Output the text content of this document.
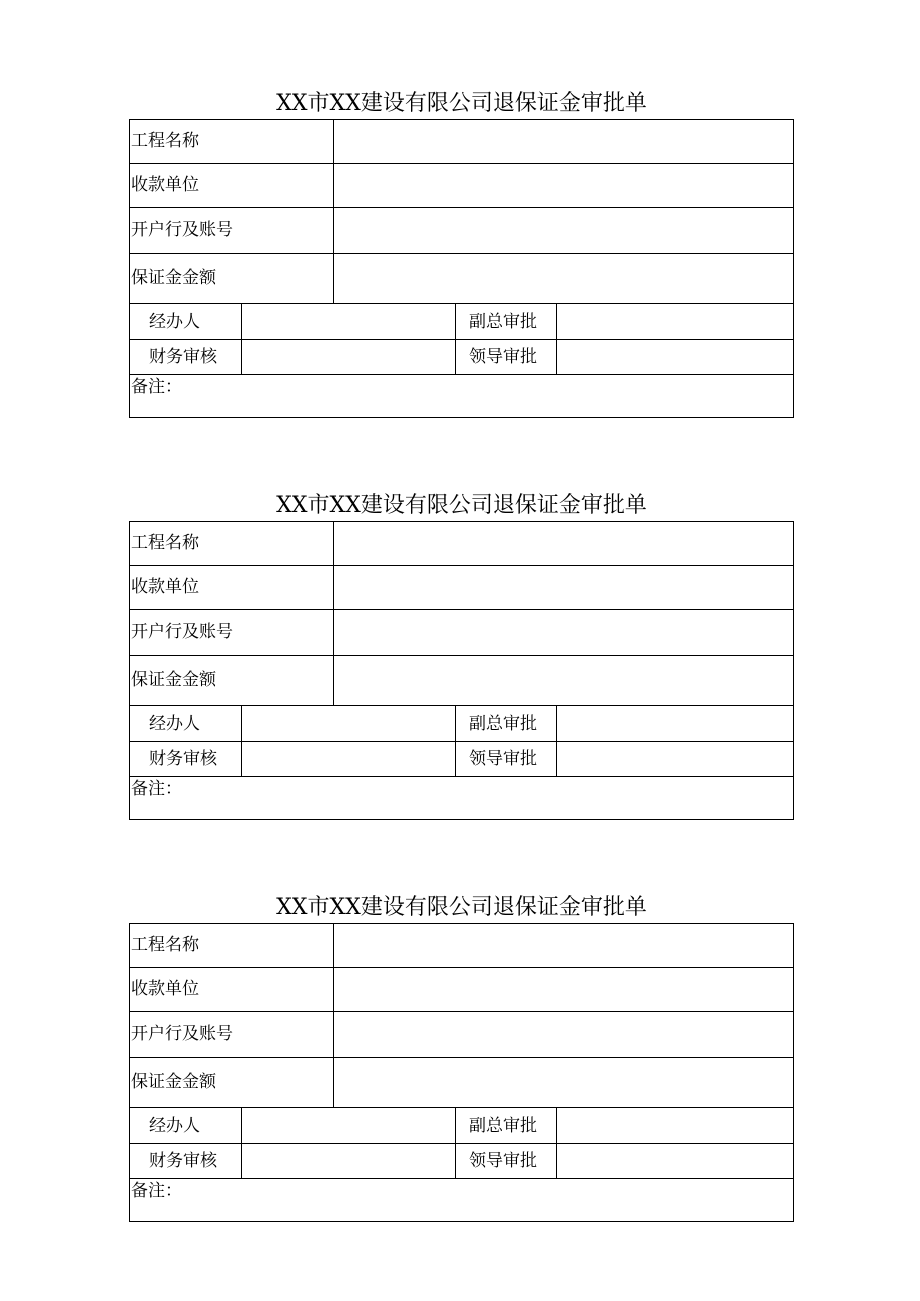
XX市XX建设有限公司退保证金审批单
工程名称
收款单位
开户行及账号
保证金金额
经办人	副总审批
财务审核	领导审批
备注：
XX市XX建设有限公司退保证金审批单
工程名称
收款单位
开户行及账号
保证金金额
经办人	副总审批
财务审核	领导审批
备注：
XX市XX建设有限公司退保证金审批单
工程名称
收款单位
开户行及账号
保证金金额
经办人	副总审批
财务审核	领导审批
备注：
